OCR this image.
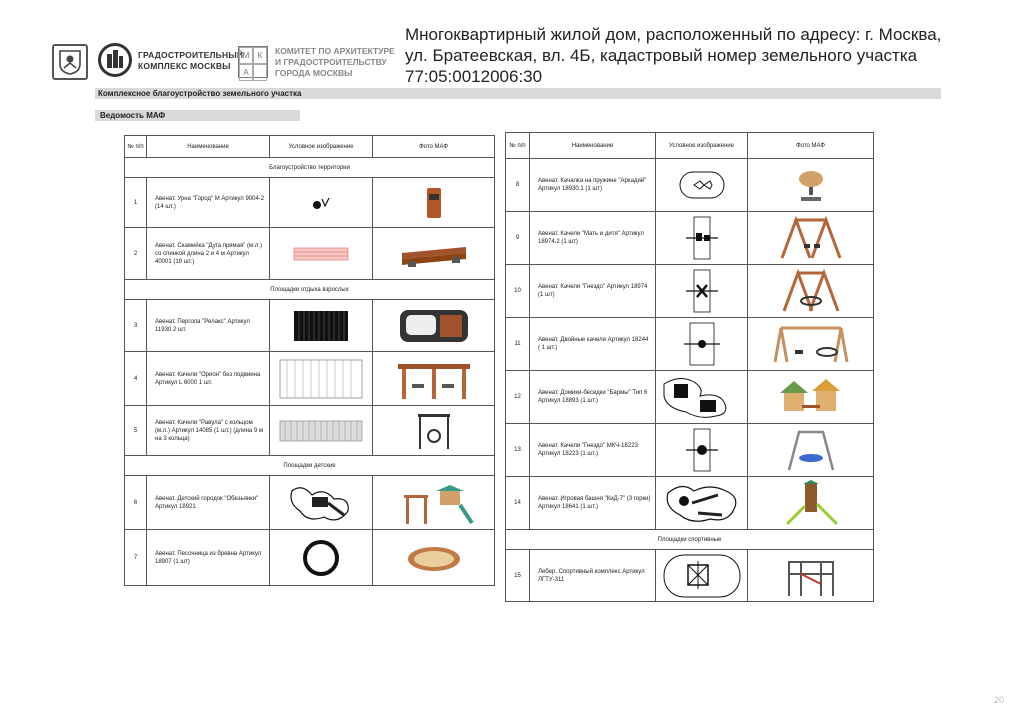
ГРАДОСТРОИТЕЛЬНЫЙ КОМПЛЕКС МОСКВЫ
М	К
А
КОМИТЕТ ПО АРХИТЕКТУРЕ И ГРАДОСТРОИТЕЛЬСТВУ ГОРОДА МОСКВЫ
Многоквартирный жилой дом, расположенный по адресу: г. Москва, ул. Братеевская, вл. 4Б, кадастровый номер земельного участка 77:05:0012006:30
Комплексное благоустройство земельного участка
Ведомость МАФ
№ п/п	Наименование	Условное изображение	Фото МАФ
Благоустройство территории			
1	Авенат. Урна "Город" М Артикул 9004-2 (14 шт.)		
2	Авенат. Скамейка "Дуга прямая" (м.л.) со спинкой длина 2 и 4 м Артикул 40001 (19 шт.)		
Площадки отдыха взрослых			
3	Авенат. Пергола "Релакс" Артикул 11930 2 шт.		
4	Авенат. Качели "Орион" без подвиина Артикул L 6000 1 шт.		
5	Авенат. Качели "Равула" с кольцом (м.л.) Артикул 14085 (1 шт.) (длина 9 м на 3 кольца)		
Площадки детские			
6	Авенат. Детский городок "Обезьянки" Артикул 18921		
7	Авенат. Песочница из бревна Артикул 18907 (1 шт)		
№ п/п	Наименование	Условное изображение	Фото МАФ
8	Авенат. Качалка на пружине "Аркадий" Артикул 18930.1 (1 шт)		
9	Авенат. Качели "Мать и дитя" Артикул 18974.2 (1 шт)		
10	Авенат. Качели "Гнездо" Артикул 18974 (1 шт)		
11	Авенат. Двойные качели Артикул 18244 ( 1 шт.)		
12	Авенат. Домики-беседки "Бармы" Тип 6 Артикул 18893 (1 шт.)		
13	Авенат. Качели "Гнездо" МКЧ-18223 Артикул 18223 (1 шт.)		
14	Авенат. Игровая башня "КиД-7" (3 горки) Артикул 18641 (1 шт.)		
Площадки спортивные			
15	Лебер. Спортивный комплекс Артикул ЛГТУ-311		
20
